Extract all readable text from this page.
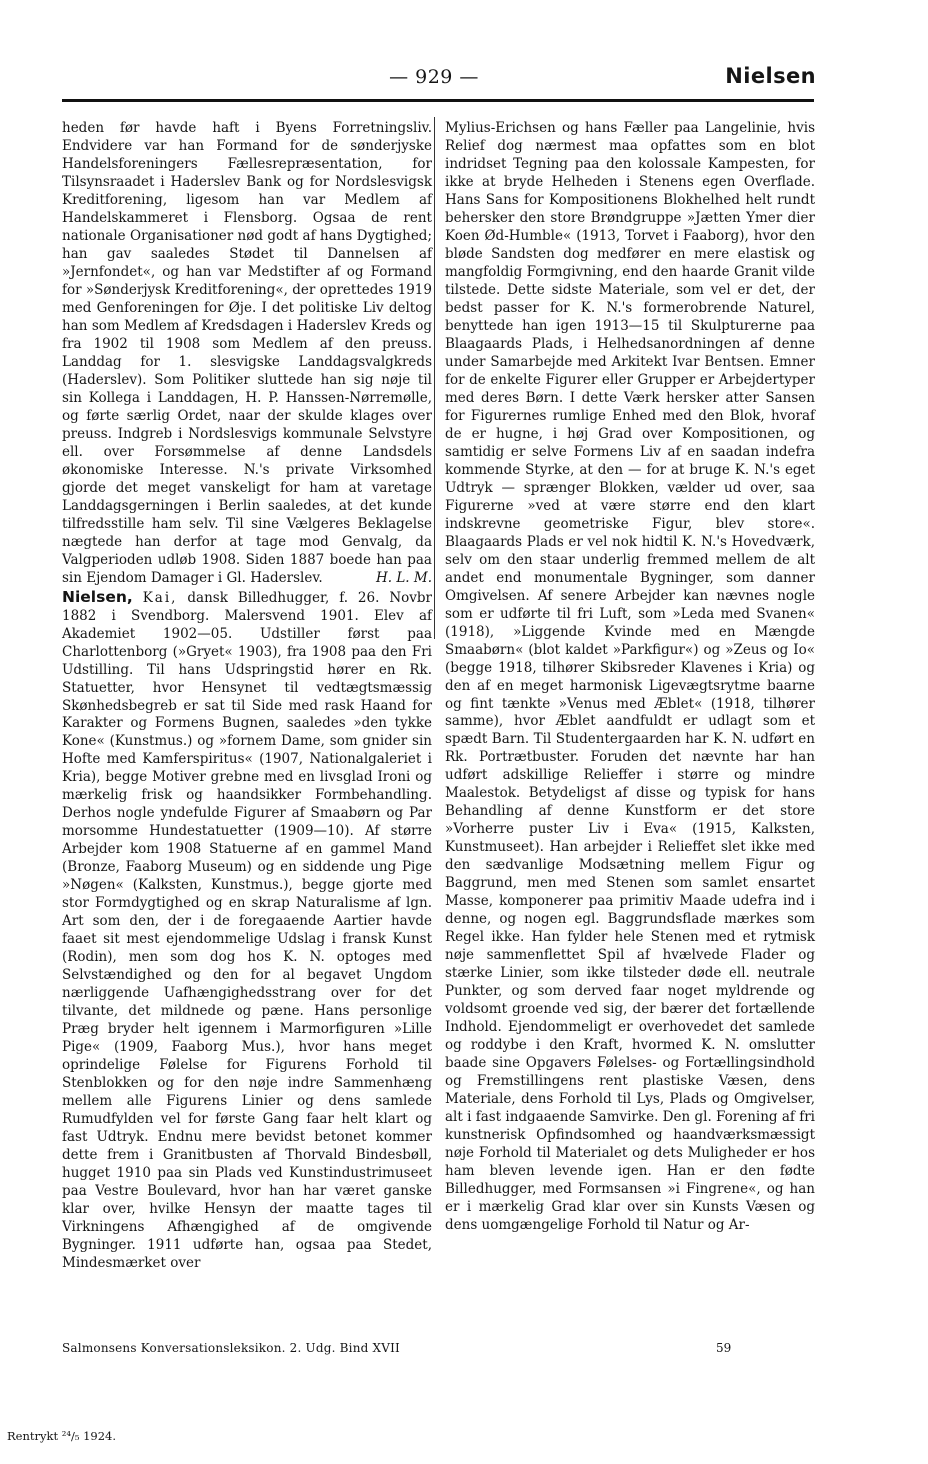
— 929 —	Nielsen

heden før havde haft i Byens Forretningsliv. Endvidere var han Formand for de sønderjyske Handelsforeningers Fællesrepræsentation, for Tilsynsraadet i Haderslev Bank og for Nordslesvigsk Kreditforening, ligesom han var Medlem af Handelskammeret i Flensborg. Ogsaa de rent nationale Organisationer nød godt af hans Dygtighed; han gav saaledes Stødet til Dannelsen af »Jernfondet«, og han var Medstifter af og Formand for »Sønderjysk Kreditforening«, der oprettedes 1919 med Genforeningen for Øje. I det politiske Liv deltog han som Medlem af Kredsdagen i Haderslev Kreds og fra 1902 til 1908 som Medlem af den preuss. Landdag for 1. slesvigske Landdagsvalgkreds (Haderslev). Som Politiker sluttede han sig nøje til sin Kollega i Landdagen, H. P. Hanssen-Nørremølle, og førte særlig Ordet, naar der skulde klages over preuss. Indgreb i Nordslesvigs kommunale Selvstyre ell. over Forsømmelse af denne Landsdels økonomiske Interesse. N.'s private Virksomhed gjorde det meget vanskeligt for ham at varetage Landdagsgerningen i Berlin saaledes, at det kunde tilfredsstille ham selv. Til sine Vælgeres Beklagelse nægtede han derfor at tage mod Genvalg, da Valgperioden udløb 1908. Siden 1887 boede han paa sin Ejendom Damager i Gl. Haderslev.	H. L. M.

Nielsen, Kai, dansk Billedhugger, f. 26. Novbr 1882 i Svendborg. Malersvend 1901. Elev af Akademiet 1902—05. Udstiller først paa Charlottenborg (»Gryet« 1903), fra 1908 paa den Fri Udstilling. Til hans Udspringstid hører en Rk. Statuetter, hvor Hensynet til vedtægtsmæssig Skønhedsbegreb er sat til Side med rask Haand for Karakter og Formens Bugnen, saaledes »den tykke Kone« (Kunstmus.) og »fornem Dame, som gnider sin Hofte med Kamferspiritus« (1907, Nationalgaleriet i Kria), begge Motiver grebne med en livsglad Ironi og mærkelig frisk og haandsikker Formbehandling. Derhos nogle yndefulde Figurer af Smaabørn og Par morsomme Hundestatuetter (1909—10). Af større Arbejder kom 1908 Statuerne af en gammel Mand (Bronze, Faaborg Museum) og en siddende ung Pige »Nøgen« (Kalksten, Kunstmus.), begge gjorte med stor Formdygtighed og en skrap Naturalisme af lgn. Art som den, der i de foregaaende Aartier havde faaet sit mest ejendommelige Udslag i fransk Kunst (Rodin), men som dog hos K. N. optoges med Selvstændighed og den for al begavet Ungdom nærliggende Uafhængighedsstrang over for det tilvante, det mildnede og pæne. Hans personlige Præg bryder helt igennem i Marmorfiguren »Lille Pige« (1909, Faaborg Mus.), hvor hans meget oprindelige Følelse for Figurens Forhold til Stenblokken og for den nøje indre Sammenhæng mellem alle Figurens Linier og dens samlede Rumudfylden vel for første Gang faar helt klart og fast Udtryk. Endnu mere bevidst betonet kommer dette frem i Granitbusten af Thorvald Bindesbøll, hugget 1910 paa sin Plads ved Kunstindustrimuseet paa Vestre Boulevard, hvor han har været ganske klar over, hvilke Hensyn der maatte tages til Virkningens Afhængighed af de omgivende Bygninger. 1911 udførte han, ogsaa paa Stedet, Mindesmærket over

Mylius-Erichsen og hans Fæller paa Langelinie, hvis Relief dog nærmest maa opfattes som en blot indridset Tegning paa den kolossale Kampesten, for ikke at bryde Helheden i Stenens egen Overflade. Hans Sans for Kompositionens Blokhelhed helt rundt behersker den store Brøndgruppe »Jætten Ymer dier Koen Ød-Humble« (1913, Torvet i Faaborg), hvor den bløde Sandsten dog medfører en mere elastisk og mangfoldig Formgivning, end den haarde Granit vilde tilstede. Dette sidste Materiale, som vel er det, der bedst passer for K. N.'s formerobrende Naturel, benyttede han igen 1913—15 til Skulpturerne paa Blaagaards Plads, i Helhedsanordningen af denne under Samarbejde med Arkitekt Ivar Bentsen. Emner for de enkelte Figurer eller Grupper er Arbejdertyper med deres Børn. I dette Værk hersker atter Sansen for Figurernes rumlige Enhed med den Blok, hvoraf de er hugne, i høj Grad over Kompositionen, og samtidig er selve Formens Liv af en saadan indefra kommende Styrke, at den — for at bruge K. N.'s eget Udtryk — sprænger Blokken, vælder ud over, saa Figurerne »ved at være større end den klart indskrevne geometriske Figur, blev store«. Blaagaards Plads er vel nok hidtil K. N.'s Hovedværk, selv om den staar underlig fremmed mellem de alt andet end monumentale Bygninger, som danner Omgivelsen. Af senere Arbejder kan nævnes nogle som er udførte til fri Luft, som »Leda med Svanen« (1918), »Liggende Kvinde med en Mængde Smaabørn« (blot kaldet »Parkfigur«) og »Zeus og Io« (begge 1918, tilhører Skibsreder Klavenes i Kria) og den af en meget harmonisk Ligevægtsrytme baarne og fint tænkte »Venus med Æblet« (1918, tilhører samme), hvor Æblet aandfuldt er udlagt som et spædt Barn. Til Studentergaarden har K. N. udført en Rk. Portrætbuster. Foruden det nævnte har han udført adskillige Relieffer i større og mindre Maalestok. Betydeligst af disse og typisk for hans Behandling af denne Kunstform er det store »Vorherre puster Liv i Eva« (1915, Kalksten, Kunstmuseet). Han arbejder i Relieffet slet ikke med den sædvanlige Modsætning mellem Figur og Baggrund, men med Stenen som samlet ensartet Masse, komponerer paa primitiv Maade udefra ind i denne, og nogen egl. Baggrundsflade mærkes som Regel ikke. Han fylder hele Stenen med et rytmisk nøje sammenflettet Spil af hvælvede Flader og stærke Linier, som ikke tilsteder døde ell. neutrale Punkter, og som derved faar noget myldrende og voldsomt groende ved sig, der bærer det fortællende Indhold. Ejendommeligt er overhovedet det samlede og roddybe i den Kraft, hvormed K. N. omslutter baade sine Opgavers Følelses- og Fortællingsindhold og Fremstillingens rent plastiske Væsen, dens Materiale, dens Forhold til Lys, Plads og Omgivelser, alt i fast indgaaende Samvirke. Den gl. Forening af fri kunstnerisk Opfindsomhed og haandværksmæssigt nøje Forhold til Materialet og dets Muligheder er hos ham bleven levende igen. Han er den fødte Billedhugger, med Formsansen »i Fingrene«, og han er i mærkelig Grad klar over sin Kunsts Væsen og dens uomgængelige Forhold til Natur og Ar-

Salmonsens Konversationsleksikon. 2. Udg. Bind XVII	59
Rentrykt ²⁴/₅ 1924.
